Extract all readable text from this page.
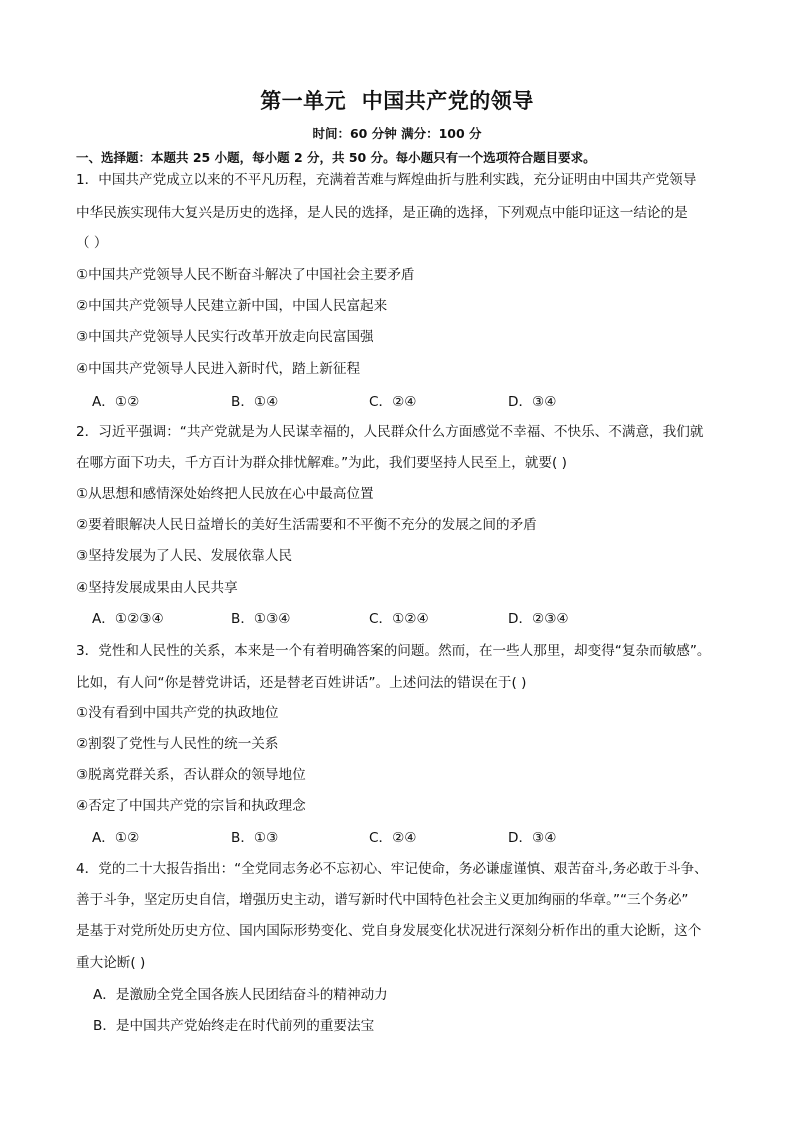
第一单元  中国共产党的领导
时间：60 分钟 满分：100 分
一、选择题：本题共 25 小题，每小题 2 分，共 50 分。每小题只有一个选项符合题目要求。
1．中国共产党成立以来的不平凡历程，充满着苦难与辉煌曲折与胜利实践，充分证明由中国共产党领导
中华民族实现伟大复兴是历史的选择，是人民的选择，是正确的选择，下列观点中能印证这一结论的是
（ ）
①中国共产党领导人民不断奋斗解决了中国社会主要矛盾
②中国共产党领导人民建立新中国，中国人民富起来
③中国共产党领导人民实行改革开放走向民富国强
④中国共产党领导人民进入新时代，踏上新征程
A．①②	B．①④	C．②④	D．③④
2．习近平强调：“共产党就是为人民谋幸福的，人民群众什么方面感觉不幸福、不快乐、不满意，我们就
在哪方面下功夫，千方百计为群众排忧解难。”为此，我们要坚持人民至上，就要( )
①从思想和感情深处始终把人民放在心中最高位置
②要着眼解决人民日益增长的美好生活需要和不平衡不充分的发展之间的矛盾
③坚持发展为了人民、发展依靠人民
④坚持发展成果由人民共享
A．①②③④	B．①③④	C．①②④	D．②③④
3．党性和人民性的关系，本来是一个有着明确答案的问题。然而，在一些人那里，却变得“复杂而敏感”。
比如，有人问“你是替党讲话，还是替老百姓讲话”。上述问法的错误在于( )
①没有看到中国共产党的执政地位
②割裂了党性与人民性的统一关系
③脱离党群关系，否认群众的领导地位
④否定了中国共产党的宗旨和执政理念
A．①②	B．①③	C．②④	D．③④
4．党的二十大报告指出：“全党同志务必不忘初心、牢记使命，务必谦虚谨慎、艰苦奋斗,务必敢于斗争、
善于斗争，坚定历史自信，增强历史主动，谱写新时代中国特色社会主义更加绚丽的华章。”“三个务必”
是基于对党所处历史方位、国内国际形势变化、党自身发展变化状况进行深刻分析作出的重大论断，这个
重大论断( )
A．是激励全党全国各族人民团结奋斗的精神动力
B．是中国共产党始终走在时代前列的重要法宝
